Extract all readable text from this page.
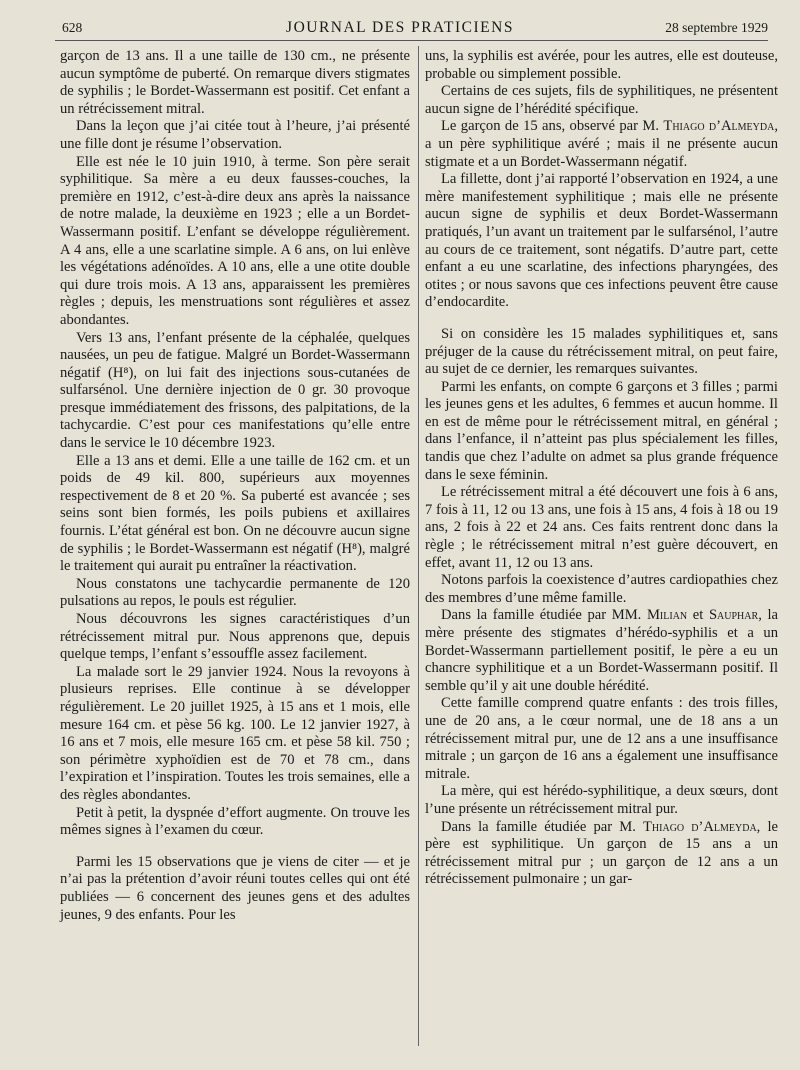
628	JOURNAL DES PRATICIENS	28 septembre 1929

garçon de 13 ans. Il a une taille de 130 cm., ne présente aucun symptôme de puberté. On remarque divers stigmates de syphilis ; le Bordet-Wassermann est positif. Cet enfant a un rétrécissement mitral.

Dans la leçon que j’ai citée tout à l’heure, j’ai présenté une fille dont je résume l’observation.

Elle est née le 10 juin 1910, à terme. Son père serait syphilitique. Sa mère a eu deux fausses-couches, la première en 1912, c’est-à-dire deux ans après la naissance de notre malade, la deuxième en 1923 ; elle a un Bordet-Wassermann positif. L’enfant se développe régulièrement. A 4 ans, elle a une scarlatine simple. A 6 ans, on lui enlève les végétations adénoïdes. A 10 ans, elle a une otite double qui dure trois mois. A 13 ans, apparaissent les premières règles ; depuis, les menstruations sont régulières et assez abondantes.

Vers 13 ans, l’enfant présente de la céphalée, quelques nausées, un peu de fatigue. Malgré un Bordet-Wassermann négatif (H⁸), on lui fait des injections sous-cutanées de sulfarsénol. Une dernière injection de 0 gr. 30 provoque presque immédiatement des frissons, des palpitations, de la tachycardie. C’est pour ces manifestations qu’elle entre dans le service le 10 décembre 1923.

Elle a 13 ans et demi. Elle a une taille de 162 cm. et un poids de 49 kil. 800, supérieurs aux moyennes respectivement de 8 et 20 %. Sa puberté est avancée ; ses seins sont bien formés, les poils pubiens et axillaires fournis. L’état général est bon. On ne découvre aucun signe de syphilis ; le Bordet-Wassermann est négatif (H⁸), malgré le traitement qui aurait pu entraîner la réactivation.

Nous constatons une tachycardie permanente de 120 pulsations au repos, le pouls est régulier.

Nous découvrons les signes caractéristiques d’un rétrécissement mitral pur. Nous apprenons que, depuis quelque temps, l’enfant s’essouffle assez facilement.

La malade sort le 29 janvier 1924. Nous la revoyons à plusieurs reprises. Elle continue à se développer régulièrement. Le 20 juillet 1925, à 15 ans et 1 mois, elle mesure 164 cm. et pèse 56 kg. 100. Le 12 janvier 1927, à 16 ans et 7 mois, elle mesure 165 cm. et pèse 58 kil. 750 ; son périmètre xyphoïdien est de 70 et 78 cm., dans l’expiration et l’inspiration. Toutes les trois semaines, elle a des règles abondantes.

Petit à petit, la dyspnée d’effort augmente. On trouve les mêmes signes à l’examen du cœur.

Parmi les 15 observations que je viens de citer — et je n’ai pas la prétention d’avoir réuni toutes celles qui ont été publiées — 6 concernent des jeunes gens et des adultes jeunes, 9 des enfants. Pour les

uns, la syphilis est avérée, pour les autres, elle est douteuse, probable ou simplement possible.

Certains de ces sujets, fils de syphilitiques, ne présentent aucun signe de l’hérédité spécifique.

Le garçon de 15 ans, observé par M. Thiago d’Almeyda, a un père syphilitique avéré ; mais il ne présente aucun stigmate et a un Bordet-Wassermann négatif.

La fillette, dont j’ai rapporté l’observation en 1924, a une mère manifestement syphilitique ; mais elle ne présente aucun signe de syphilis et deux Bordet-Wassermann pratiqués, l’un avant un traitement par le sulfarsénol, l’autre au cours de ce traitement, sont négatifs. D’autre part, cette enfant a eu une scarlatine, des infections pharyngées, des otites ; or nous savons que ces infections peuvent être cause d’endocardite.

Si on considère les 15 malades syphilitiques et, sans préjuger de la cause du rétrécissement mitral, on peut faire, au sujet de ce dernier, les remarques suivantes.

Parmi les enfants, on compte 6 garçons et 3 filles ; parmi les jeunes gens et les adultes, 6 femmes et aucun homme. Il en est de même pour le rétrécissement mitral, en général ; dans l’enfance, il n’atteint pas plus spécialement les filles, tandis que chez l’adulte on admet sa plus grande fréquence dans le sexe féminin.

Le rétrécissement mitral a été découvert une fois à 6 ans, 7 fois à 11, 12 ou 13 ans, une fois à 15 ans, 4 fois à 18 ou 19 ans, 2 fois à 22 et 24 ans. Ces faits rentrent donc dans la règle ; le rétrécissement mitral n’est guère découvert, en effet, avant 11, 12 ou 13 ans.

Notons parfois la coexistence d’autres cardiopathies chez des membres d’une même famille.

Dans la famille étudiée par MM. Milian et Sauphar, la mère présente des stigmates d’hérédo-syphilis et a un Bordet-Wassermann partiellement positif, le père a eu un chancre syphilitique et a un Bordet-Wassermann positif. Il semble qu’il y ait une double hérédité.

Cette famille comprend quatre enfants : des trois filles, une de 20 ans, a le cœur normal, une de 18 ans a un rétrécissement mitral pur, une de 12 ans a une insuffisance mitrale ; un garçon de 16 ans a également une insuffisance mitrale.

La mère, qui est hérédo-syphilitique, a deux sœurs, dont l’une présente un rétrécissement mitral pur.

Dans la famille étudiée par M. Thiago d’Almeyda, le père est syphilitique. Un garçon de 15 ans a un rétrécissement mitral pur ; un garçon de 12 ans a un rétrécissement pulmonaire ; un gar-
